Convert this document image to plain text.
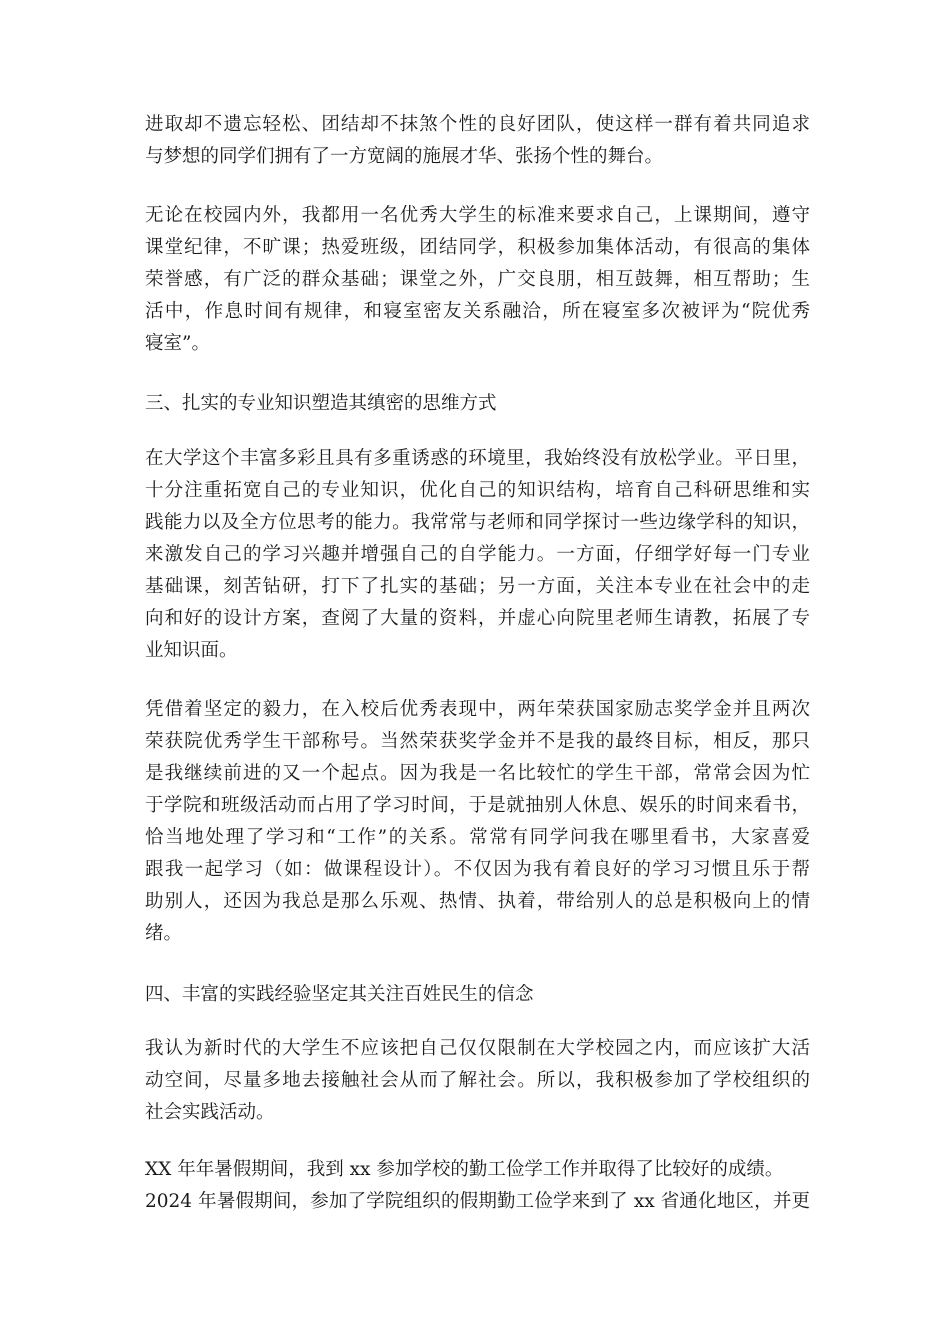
进取却不遗忘轻松、团结却不抹煞个性的良好团队，使这样一群有着共同追求
与梦想的同学们拥有了一方宽阔的施展才华、张扬个性的舞台。
无论在校园内外，我都用一名优秀大学生的标准来要求自己，上课期间，遵守
课堂纪律，不旷课；热爱班级，团结同学，积极参加集体活动，有很高的集体
荣誉感，有广泛的群众基础；课堂之外，广交良朋，相互鼓舞，相互帮助；生
活中，作息时间有规律，和寝室密友关系融洽，所在寝室多次被评为“院优秀
寝室”。
三、扎实的专业知识塑造其缜密的思维方式
在大学这个丰富多彩且具有多重诱惑的环境里，我始终没有放松学业。平日里，
十分注重拓宽自己的专业知识，优化自己的知识结构，培育自己科研思维和实
践能力以及全方位思考的能力。我常常与老师和同学探讨一些边缘学科的知识，
来激发自己的学习兴趣并增强自己的自学能力。一方面，仔细学好每一门专业
基础课，刻苦钻研，打下了扎实的基础；另一方面，关注本专业在社会中的走
向和好的设计方案，查阅了大量的资料，并虚心向院里老师生请教，拓展了专
业知识面。
凭借着坚定的毅力，在入校后优秀表现中，两年荣获国家励志奖学金并且两次
荣获院优秀学生干部称号。当然荣获奖学金并不是我的最终目标，相反，那只
是我继续前进的又一个起点。因为我是一名比较忙的学生干部，常常会因为忙
于学院和班级活动而占用了学习时间，于是就抽别人休息、娱乐的时间来看书，
恰当地处理了学习和“工作”的关系。常常有同学问我在哪里看书，大家喜爱
跟我一起学习（如：做课程设计）。不仅因为我有着良好的学习习惯且乐于帮
助别人，还因为我总是那么乐观、热情、执着，带给别人的总是积极向上的情
绪。
四、丰富的实践经验坚定其关注百姓民生的信念
我认为新时代的大学生不应该把自己仅仅限制在大学校园之内，而应该扩大活
动空间，尽量多地去接触社会从而了解社会。所以，我积极参加了学校组织的
社会实践活动。
XX 年年暑假期间，我到 xx 参加学校的勤工俭学工作并取得了比较好的成绩。
2024 年暑假期间，参加了学院组织的假期勤工俭学来到了 xx 省通化地区，并更
